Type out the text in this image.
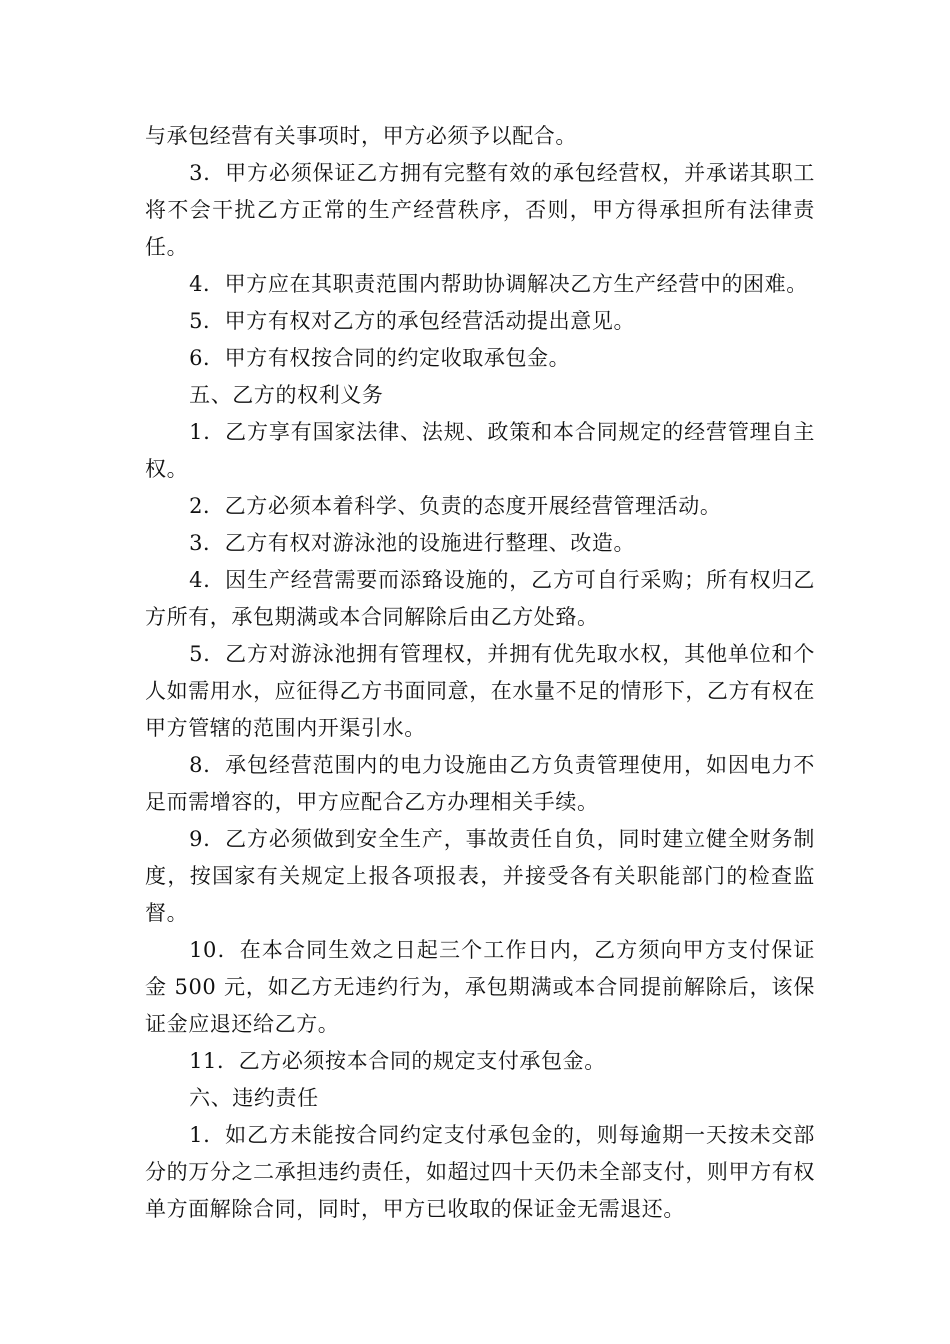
与承包经营有关事项时，甲方必须予以配合。

3．甲方必须保证乙方拥有完整有效的承包经营权，并承诺其职工将不会干扰乙方正常的生产经营秩序，否则，甲方得承担所有法律责任。

4．甲方应在其职责范围内帮助协调解决乙方生产经营中的困难。

5．甲方有权对乙方的承包经营活动提出意见。

6．甲方有权按合同的约定收取承包金。

五、乙方的权利义务

1．乙方享有国家法律、法规、政策和本合同规定的经营管理自主权。

2．乙方必须本着科学、负责的态度开展经营管理活动。

3．乙方有权对游泳池的设施进行整理、改造。

4．因生产经营需要而添臵设施的，乙方可自行采购；所有权归乙方所有，承包期满或本合同解除后由乙方处臵。

5．乙方对游泳池拥有管理权，并拥有优先取水权，其他单位和个人如需用水，应征得乙方书面同意，在水量不足的情形下，乙方有权在甲方管辖的范围内开渠引水。

8．承包经营范围内的电力设施由乙方负责管理使用，如因电力不足而需增容的，甲方应配合乙方办理相关手续。

9．乙方必须做到安全生产，事故责任自负，同时建立健全财务制度，按国家有关规定上报各项报表，并接受各有关职能部门的检查监督。

10．在本合同生效之日起三个工作日内，乙方须向甲方支付保证金 500 元，如乙方无违约行为，承包期满或本合同提前解除后，该保证金应退还给乙方。

11．乙方必须按本合同的规定支付承包金。

六、违约责任

1．如乙方未能按合同约定支付承包金的，则每逾期一天按未交部分的万分之二承担违约责任，如超过四十天仍未全部支付，则甲方有权单方面解除合同，同时，甲方已收取的保证金无需退还。
